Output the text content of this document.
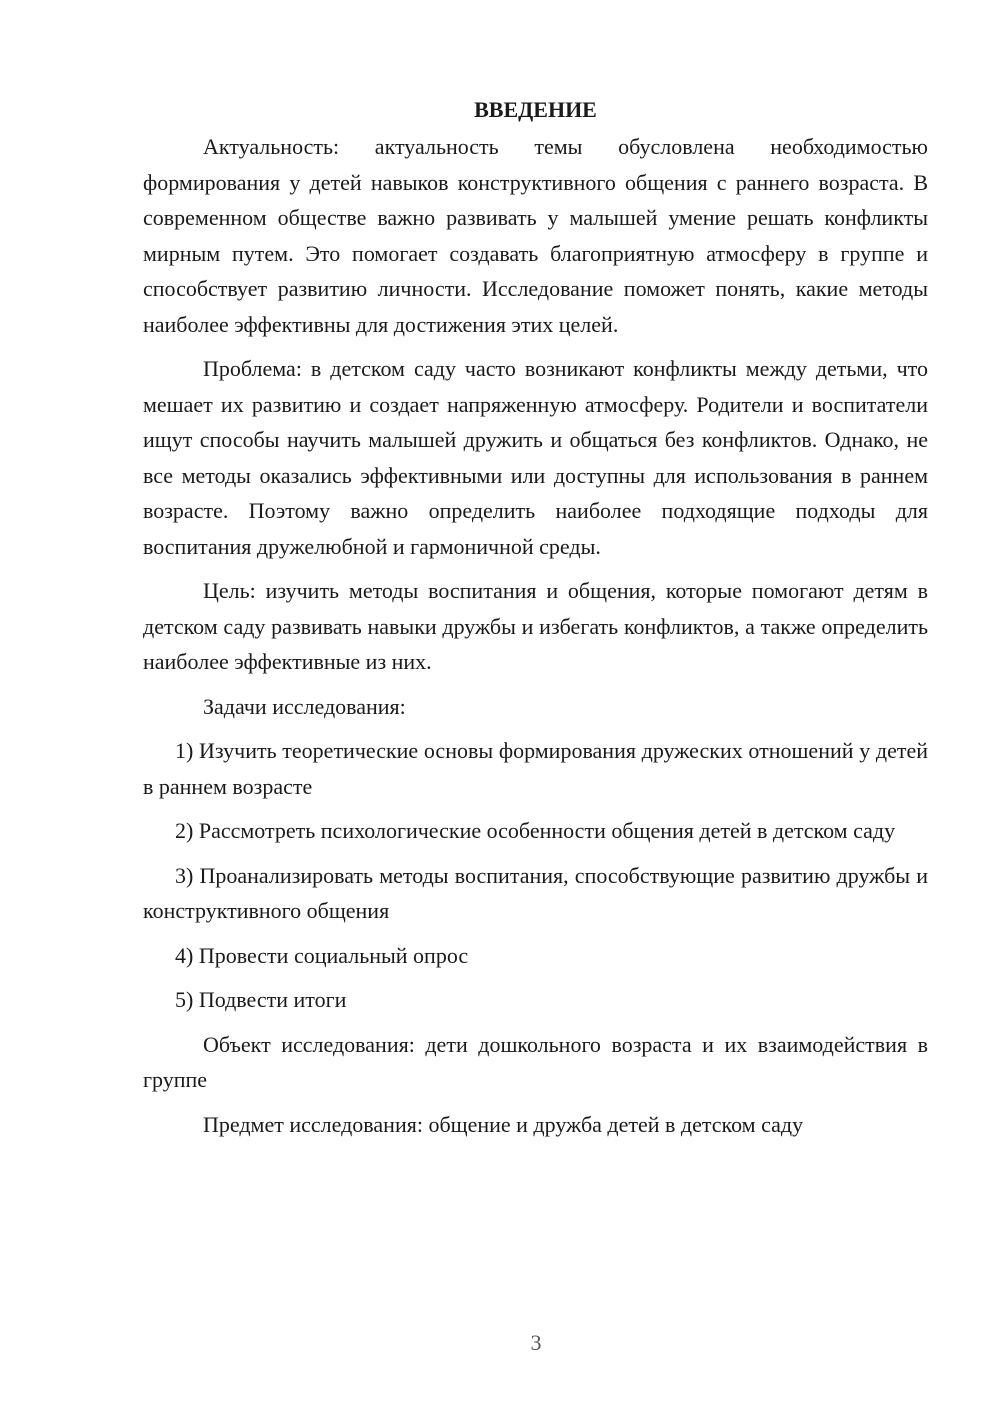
ВВЕДЕНИЕ

Актуальность: актуальность темы обусловлена необходимостью формирования у детей навыков конструктивного общения с раннего возраста. В современном обществе важно развивать у малышей умение решать конфликты мирным путем. Это помогает создавать благоприятную атмосферу в группе и способствует развитию личности. Исследование поможет понять, какие методы наиболее эффективны для достижения этих целей.

Проблема: в детском саду часто возникают конфликты между детьми, что мешает их развитию и создает напряженную атмосферу. Родители и воспитатели ищут способы научить малышей дружить и общаться без конфликтов. Однако, не все методы оказались эффективными или доступны для использования в раннем возрасте. Поэтому важно определить наиболее подходящие подходы для воспитания дружелюбной и гармоничной среды.

Цель: изучить методы воспитания и общения, которые помогают детям в детском саду развивать навыки дружбы и избегать конфликтов, а также определить наиболее эффективные из них.

Задачи исследования:

1) Изучить теоретические основы формирования дружеских отношений у детей в раннем возрасте

2) Рассмотреть психологические особенности общения детей в детском саду

3) Проанализировать методы воспитания, способствующие развитию дружбы и конструктивного общения

4) Провести социальный опрос

5) Подвести итоги

Объект исследования: дети дошкольного возраста и их взаимодействия в группе

Предмет исследования: общение и дружба детей в детском саду

3
